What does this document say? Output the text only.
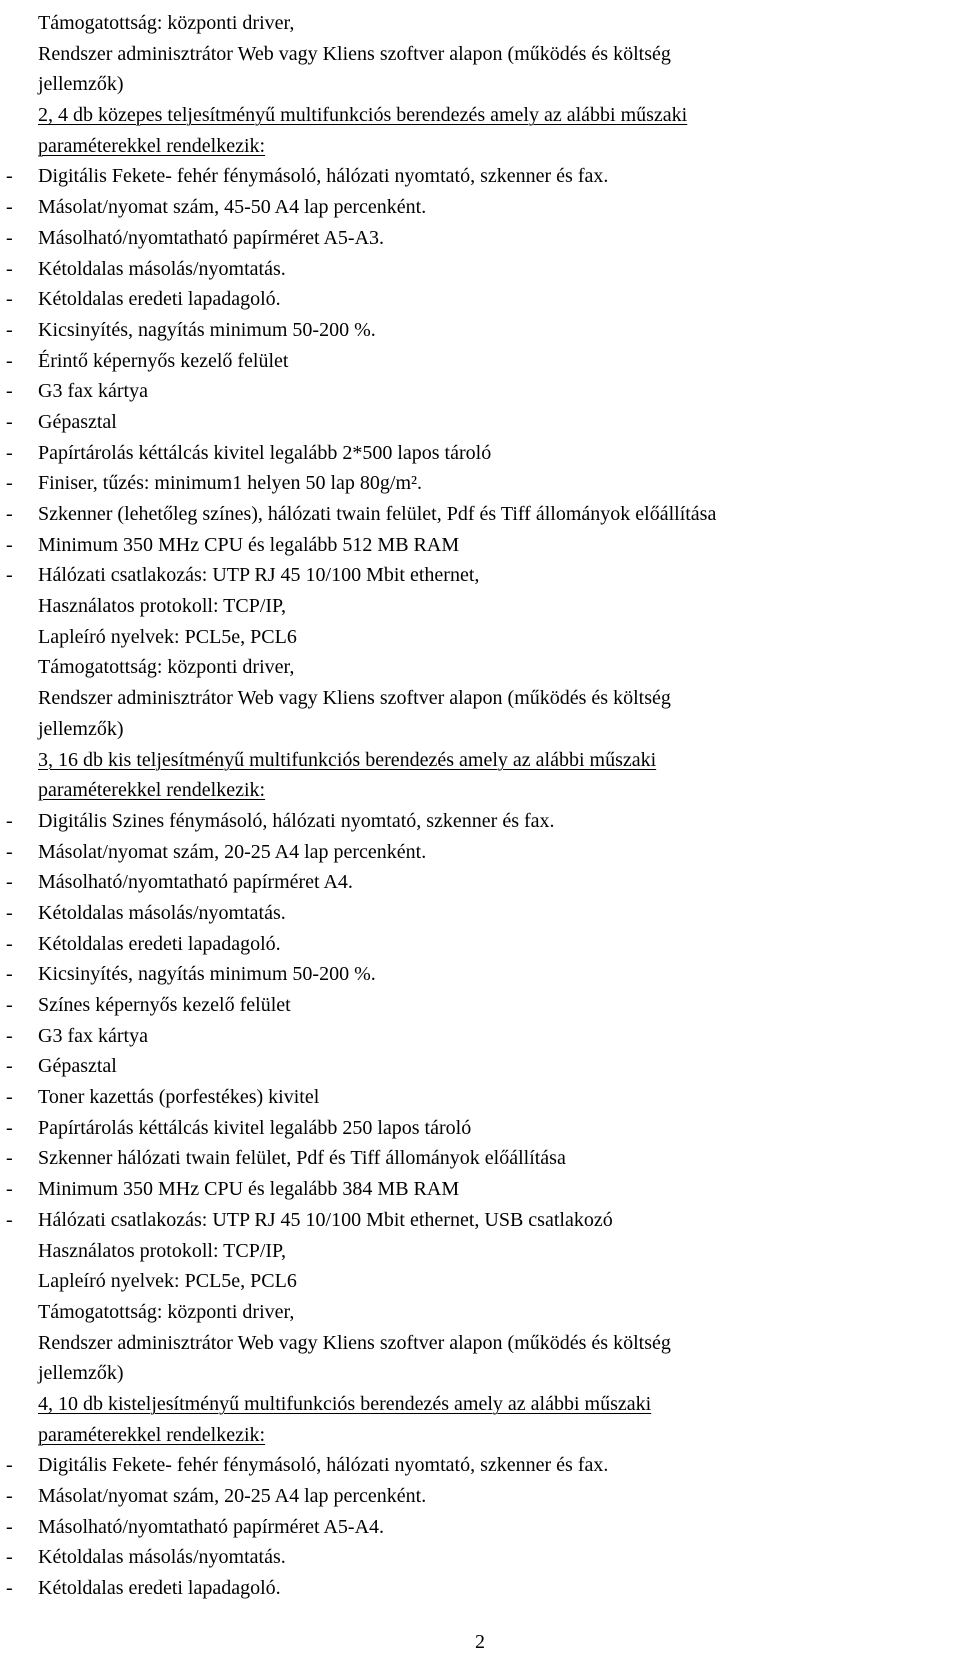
Támogatottság: központi driver,
Rendszer adminisztrátor Web vagy Kliens szoftver alapon (működés és költség
jellemzők)
2, 4 db közepes teljesítményű multifunkciós berendezés amely az alábbi műszaki
paraméterekkel rendelkezik:
- Digitális Fekete- fehér fénymásoló, hálózati nyomtató, szkenner és fax.
- Másolat/nyomat szám, 45-50 A4 lap percenként.
- Másolható/nyomtatható papírméret A5-A3.
- Kétoldalas másolás/nyomtatás.
- Kétoldalas eredeti lapadagoló.
- Kicsinyítés, nagyítás minimum 50-200 %.
- Érintő képernyős kezelő felület
- G3 fax kártya
- Gépasztal
- Papírtárolás kéttálcás kivitel legalább 2*500 lapos tároló
- Finiser, tűzés: minimum1 helyen 50 lap 80g/m².
- Szkenner (lehetőleg színes), hálózati twain felület, Pdf és Tiff állományok előállítása
- Minimum 350 MHz CPU és legalább 512 MB RAM
- Hálózati csatlakozás: UTP RJ 45 10/100 Mbit ethernet,
Használatos protokoll: TCP/IP,
Lapleíró nyelvek: PCL5e, PCL6
Támogatottság: központi driver,
Rendszer adminisztrátor Web vagy Kliens szoftver alapon (működés és költség
jellemzők)
3, 16 db kis teljesítményű multifunkciós berendezés amely az alábbi műszaki
paraméterekkel rendelkezik:
- Digitális Szines fénymásoló, hálózati nyomtató, szkenner és fax.
- Másolat/nyomat szám, 20-25 A4 lap percenként.
- Másolható/nyomtatható papírméret A4.
- Kétoldalas másolás/nyomtatás.
- Kétoldalas eredeti lapadagoló.
- Kicsinyítés, nagyítás minimum 50-200 %.
- Színes képernyős kezelő felület
- G3 fax kártya
- Gépasztal
- Toner kazettás (porfestékes) kivitel
- Papírtárolás kéttálcás kivitel legalább 250 lapos tároló
- Szkenner hálózati twain felület, Pdf és Tiff állományok előállítása
- Minimum 350 MHz CPU és legalább 384 MB RAM
- Hálózati csatlakozás: UTP RJ 45 10/100 Mbit ethernet, USB csatlakozó
Használatos protokoll: TCP/IP,
Lapleíró nyelvek: PCL5e, PCL6
Támogatottság: központi driver,
Rendszer adminisztrátor Web vagy Kliens szoftver alapon (működés és költség
jellemzők)
4, 10 db kisteljesítményű multifunkciós berendezés amely az alábbi műszaki
paraméterekkel rendelkezik:
- Digitális Fekete- fehér fénymásoló, hálózati nyomtató, szkenner és fax.
- Másolat/nyomat szám, 20-25 A4 lap percenként.
- Másolható/nyomtatható papírméret A5-A4.
- Kétoldalas másolás/nyomtatás.
- Kétoldalas eredeti lapadagoló.
2
